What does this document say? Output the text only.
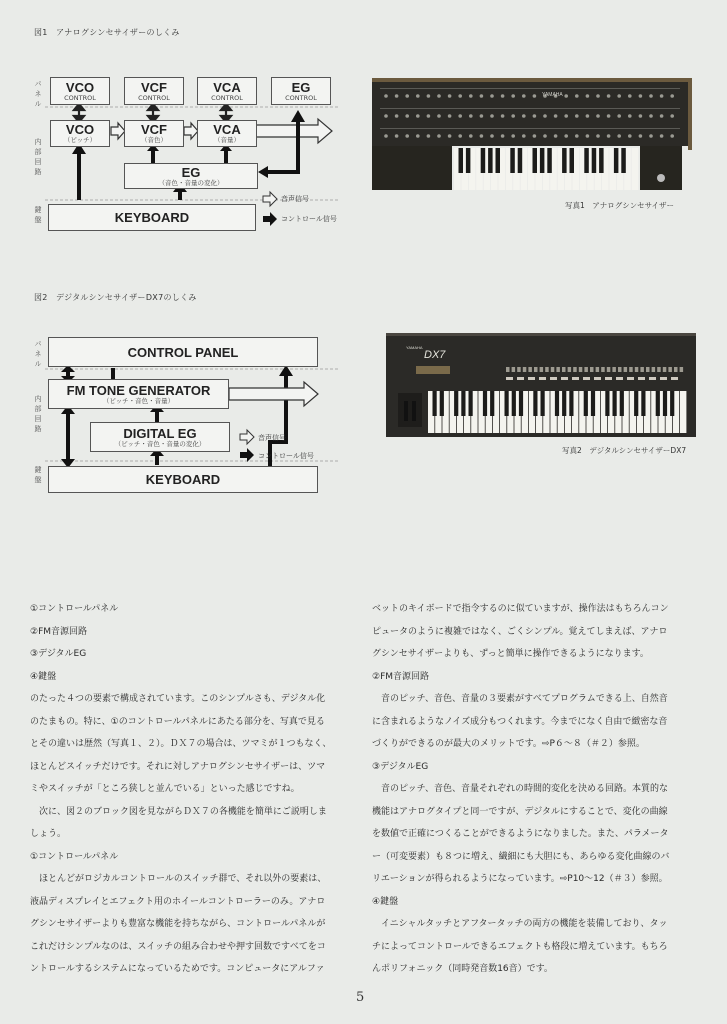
図1　アナログシンセサイザーのしくみ
パネル
内部回路
鍵盤
VCO
CONTROL
VCF
CONTROL
VCA
CONTROL
EG
CONTROL
VCO
（ピッチ）
VCF
（音色）
VCA
（音量）
EG
（音色・音量の変化）
KEYBOARD
音声信号
コントロール信号
図2　デジタルシンセサイザーDX7のしくみ
パネル
内部回路
鍵盤
CONTROL PANEL
FM TONE GENERATOR
（ピッチ・音色・音量）
DIGITAL EG
（ピッチ・音色・音量の変化）
KEYBOARD
音声信号
コントロール信号
YAMAHA
写真1　アナログシンセサイザー
YAMAHA
DX7
写真2　デジタルシンセサイザーDX7

①コントロールパネル

②FM音源回路

③デジタルEG

④鍵盤

のたった４つの要素で構成されています。このシンプルさも、デジタル化

のたまもの。特に、①のコントロールパネルにあたる部分を、写真で見る

とその違いは歴然（写真１、２）。ＤＸ７の場合は、ツマミが１つもなく、

ほとんどスイッチだけです。それに対しアナログシンセサイザーは、ツマ

ミやスイッチが「ところ狭しと並んでいる」といった感じですね。

次に、図２のブロック図を見ながらＤＸ７の各機能を簡単にご説明しま

しょう。

①コントロールパネル

ほとんどがロジカルコントロールのスイッチ群で、それ以外の要素は、

液晶ディスプレイとエフェクト用のホイールコントローラーのみ。アナロ

グシンセサイザーよりも豊富な機能を持ちながら、コントロールパネルが

これだけシンプルなのは、スイッチの組み合わせや押す回数ですべてをコ

ントロールするシステムになっているためです。コンピュータにアルファ

ベットのキイボードで指令するのに似ていますが、操作法はもちろんコン

ピュータのように複雑ではなく、ごくシンプル。覚えてしまえば、アナロ

グシンセサイザーよりも、ずっと簡単に操作できるようになります。

②FM音源回路

音のピッチ、音色、音量の３要素がすべてプログラムできる上、自然音

に含まれるようなノイズ成分もつくれます。今までになく自由で緻密な音

づくりができるのが最大のメリットです。⇨P６〜８（＃２）参照。

③デジタルEG

音のピッチ、音色、音量それぞれの時間的変化を決める回路。本質的な

機能はアナログタイプと同一ですが、デジタルにすることで、変化の曲線

を数値で正確につくることができるようになりました。また、パラメータ

ー（可変要素）も８つに増え、繊細にも大胆にも、あらゆる変化曲線のバ

リエーションが得られるようになっています。⇨P10〜12（＃３）参照。

④鍵盤

イニシャルタッチとアフタータッチの両方の機能を装備しており、タッ

チによってコントロールできるエフェクトも格段に増えています。もちろ

んポリフォニック（同時発音数16音）です。

5
